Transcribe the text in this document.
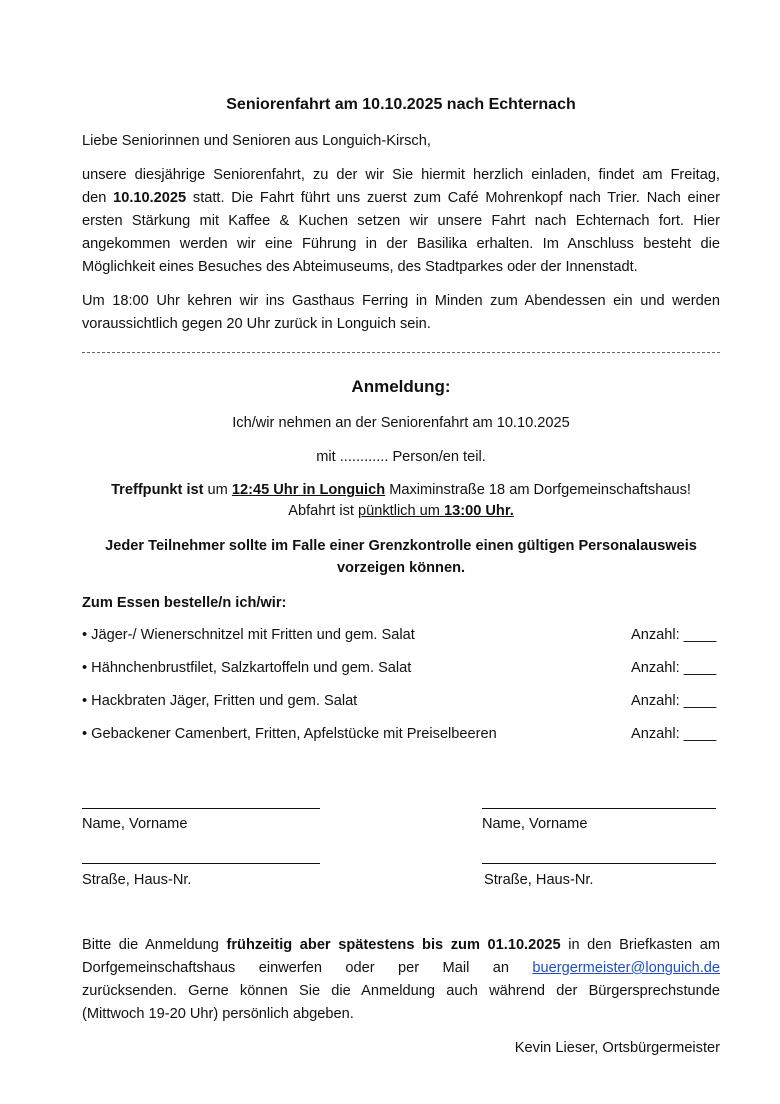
Seniorenfahrt am 10.10.2025 nach Echternach
Liebe Seniorinnen und Senioren aus Longuich-Kirsch,
unsere diesjährige Seniorenfahrt, zu der wir Sie hiermit herzlich einladen, findet am Freitag,
den 10.10.2025 statt. Die Fahrt führt uns zuerst zum Café Mohrenkopf nach Trier. Nach einer
ersten Stärkung mit Kaffee & Kuchen setzen wir unsere Fahrt nach Echternach fort. Hier
angekommen werden wir eine Führung in der Basilika erhalten. Im Anschluss besteht die
Möglichkeit eines Besuches des Abteimuseums, des Stadtparkes oder der Innenstadt.
Um 18:00 Uhr kehren wir ins Gasthaus Ferring in Minden zum Abendessen ein und werden
voraussichtlich gegen 20 Uhr zurück in Longuich sein.
Anmeldung:
Ich/wir nehmen an der Seniorenfahrt am 10.10.2025
mit ............ Person/en teil.
Treffpunkt ist um 12:45 Uhr in Longuich Maximinstraße 18 am Dorfgemeinschaftshaus!
Abfahrt ist pünktlich um 13:00 Uhr.
Jeder Teilnehmer sollte im Falle einer Grenzkontrolle einen gültigen Personalausweis
vorzeigen können.
Zum Essen bestelle/n ich/wir:
• Jäger-/ Wienerschnitzel mit Fritten und gem. Salat	Anzahl: ____
• Hähnchenbrustfilet, Salzkartoffeln und gem. Salat	Anzahl: ____
• Hackbraten Jäger, Fritten und gem. Salat	Anzahl: ____
• Gebackener Camenbert, Fritten, Apfelstücke mit Preiselbeeren	Anzahl: ____
Name, Vorname	Name, Vorname
Straße, Haus-Nr.	Straße, Haus-Nr.
Bitte die Anmeldung frühzeitig aber spätestens bis zum 01.10.2025 in den Briefkasten am
Dorfgemeinschaftshaus einwerfen oder per Mail an buergermeister@longuich.de
zurücksenden. Gerne können Sie die Anmeldung auch während der Bürgersprechstunde
(Mittwoch 19-20 Uhr) persönlich abgeben.
Kevin Lieser, Ortsbürgermeister
